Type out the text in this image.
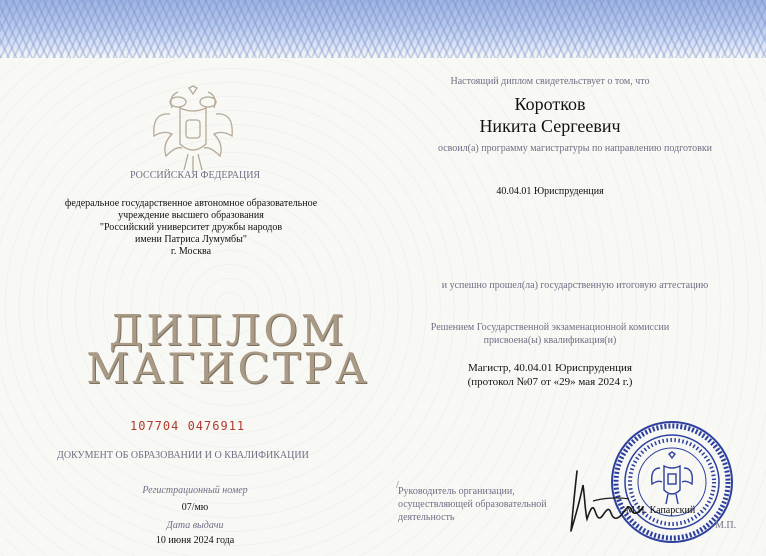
РОССИЙСКАЯ ФЕДЕРАЦИЯ
федеральное государственное автономное образовательное
учреждение высшего образования
"Российский университет дружбы народов
имени Патриса Лумумбы"
г. Москва
ДИПЛОМ
МАГИСТРА
107704 0476911
ДОКУМЕНТ ОБ ОБРАЗОВАНИИ И О КВАЛИФИКАЦИИ
Регистрационный номер
07/мю
Дата выдачи
10 июня 2024 года
Настоящий диплом свидетельствует о том, что
Коротков
Никита Сергеевич
освоил(а) программу магистратуры по направлению подготовки
40.04.01 Юриспруденция
и успешно прошел(ла) государственную итоговую аттестацию
Решением Государственной экзаменационной комиссии
присвоена(ы) квалификация(и)
Магистр, 40.04.01 Юриспруденция
(протокол №07 от «29» мая 2024 г.)
/
Руководитель организации,
осуществляющей образовательной
деятельность
М.И. Капарский
М.П.
